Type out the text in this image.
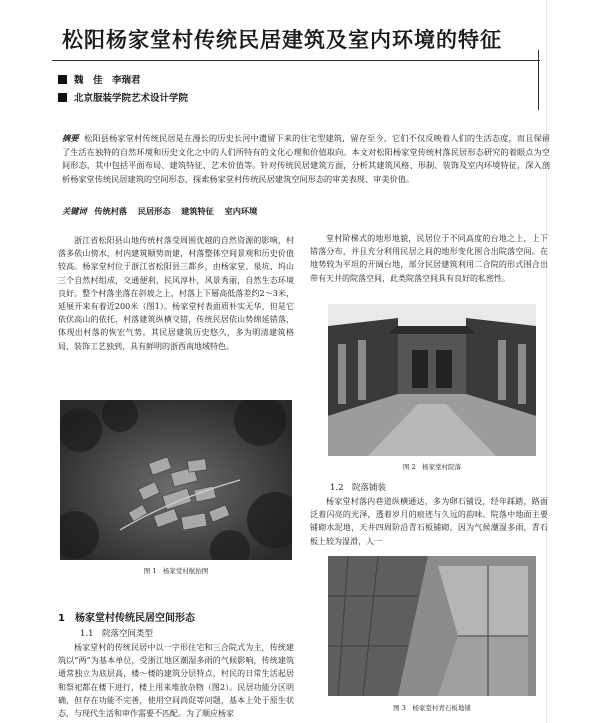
松阳杨家堂村传统民居建筑及室内环境的特征
魏　佳　李瑞君
北京服装学院艺术设计学院
摘要 松阳县杨家堂村传统民居是在漫长的历史长河中遗留下来的住宅型建筑，留存至今，它们不仅反映着人们的生活态度，而且保留了生活在独特的自然环境和历史文化之中的人们所特有的文化心理和价值取向。本文对松阳杨家堂传统村落民居形态研究的着眼点为空间形态，其中包括平面布局、建筑特征、艺术价值等。针对传统民居建筑方面，分析其建筑风格、形制、装饰及室内环境特征，深入剖析杨家堂传统民居建筑的空间形态，探索杨家堂村传统民居建筑空间形态的审美表现、审美价值。
关键词 传统村落 民居形态 建筑特征 室内环境
浙江省松阳县山地传统村落受周围优越的自然资源的影响，村落多依山傍水，村内建筑顺势而建，村落整体空间景观和历史价值较高。杨家堂村位于浙江省松阳县三都乡，由杨家堂、泉坑、坞山三个自然村组成，交通便利，民风淳朴，风景秀丽，自然生态环境良好。整个村落坐落在斜坡之上，村落上下層高低落差约2～3米，延展开来有着近200米（图1）。杨家堂村表面质朴实无华，但是它依伏高山的依托，村落建筑纵横交错，传统民居依山势绵延错落，体现出村落的恢宏气势。其民居建筑历史悠久，多为明清建筑格局，装饰工艺独到，具有鲜明的浙西南地域特色。
图 1　杨家堂村航拍图
1　杨家堂村传统民居空间形态
1.1　院落空间类型
杨家堂村的传统民居中以一字形住宅和三合院式为主，传统建筑以“两”为基本单位，受浙江地区潮湿多雨的气候影响，传统建筑通常独立为底层高，楼～楼的建筑分层特点，村民的日常生活起居和祭祀都在楼下进行，楼上用来堆放杂物（图2）。民居功能分区明确，但存在功能不完善，使用空间尚促等问题，基本上处于原生状态，与现代生活和审作需要不匹配。为了顺应杨家
堂村阶梯式的地形地貌，民居位于不同高度的台地之上，上下错落分布，并且充分利用民居之间的地形变化围合出院落空间。在地势较为平坦的开阔台地，部分民居建筑利用二合院的形式围合出带有天井的院落空间，此类院落空间具有良好的私密性。
图 2　杨家堂村院落
1.2　院落铺装
杨家堂村落内巷道纵横通达，多为卵石铺设，经年踩踏，路面泛着闪亮的光泽，透着岁月的痕迹与久远的韵味。院落中地面主要铺砌水泥地，天井四周阶沿青石板铺砌，因为气候潮湿多雨，青石板上较为湿滑，人一
图 3　杨家堂村青石板地铺
